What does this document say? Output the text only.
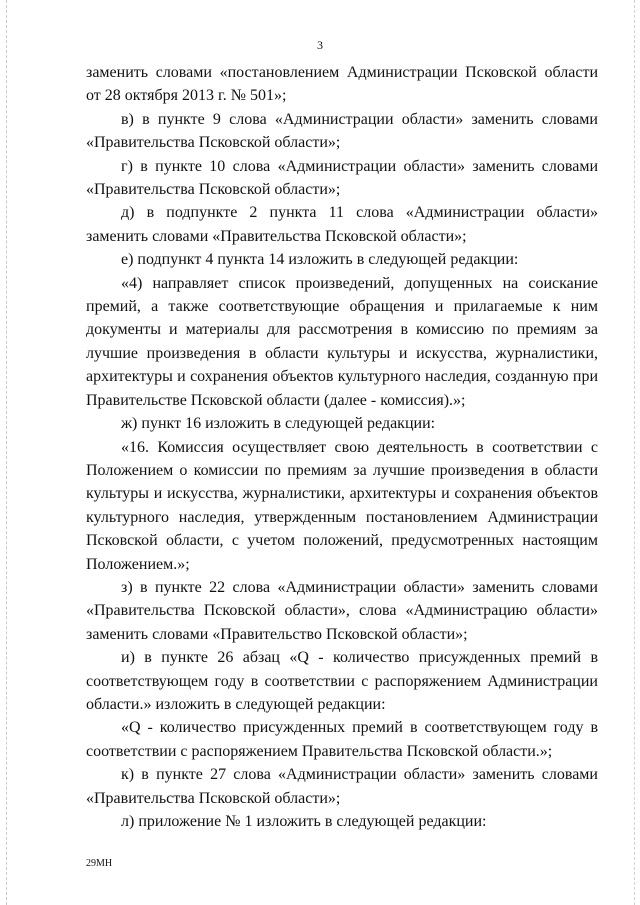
3

заменить словами «постановлением Администрации Псковской области от 28 октября 2013 г. № 501»;

в) в пункте 9 слова «Администрации области» заменить словами «Правительства Псковской области»;

г) в пункте 10 слова «Администрации области» заменить словами «Правительства Псковской области»;

д) в подпункте 2 пункта 11 слова «Администрации области» заменить словами «Правительства Псковской области»;

е) подпункт 4 пункта 14 изложить в следующей редакции:

«4) направляет список произведений, допущенных на соискание премий, а также соответствующие обращения и прилагаемые к ним документы и материалы для рассмотрения в комиссию по премиям за лучшие произведения в области культуры и искусства, журналистики, архитектуры и сохранения объектов культурного наследия, созданную при Правительстве Псковской области (далее - комиссия).»;

ж) пункт 16 изложить в следующей редакции:

«16. Комиссия осуществляет свою деятельность в соответствии с Положением о комиссии по премиям за лучшие произведения в области культуры и искусства, журналистики, архитектуры и сохранения объектов культурного наследия, утвержденным постановлением Администрации Псковской области, с учетом положений, предусмотренных настоящим Положением.»;

з) в пункте 22 слова «Администрации области» заменить словами «Правительства Псковской области», слова «Администрацию области» заменить словами «Правительство Псковской области»;

и) в пункте 26 абзац «Q - количество присужденных премий в соответствующем году в соответствии с распоряжением Администрации области.» изложить в следующей редакции:

«Q - количество присужденных премий в соответствующем году в соответствии с распоряжением Правительства Псковской области.»;

к) в пункте 27 слова «Администрации области» заменить словами «Правительства Псковской области»;

л) приложение № 1 изложить в следующей редакции:

29МН
